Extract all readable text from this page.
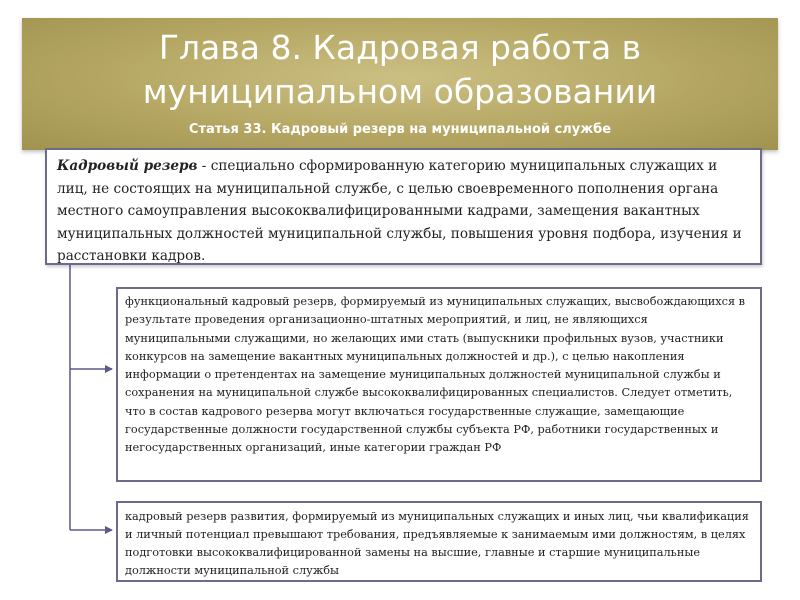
Глава 8. Кадровая работа в
муниципальном образовании
Статья 33. Кадровый резерв на муниципальной службе
Кадровый резерв - специально сформированную категорию муниципальных служащих и лиц, не состоящих на муниципальной службе, с целью своевременного пополнения органа местного самоуправления высококвалифицированными кадрами, замещения вакантных муниципальных должностей муниципальной службы, повышения уровня подбора, изучения и расстановки кадров.
функциональный кадровый резерв, формируемый из муниципальных служащих, высвобождающихся в результате проведения организационно-штатных мероприятий, и лиц, не являющихся муниципальными служащими, но желающих ими стать (выпускники профильных вузов, участники конкурсов на замещение вакантных муниципальных должностей и др.), с целью накопления информации о претендентах на замещение муниципальных должностей муниципальной службы и сохранения на муниципальной службе высококвалифицированных специалистов. Следует отметить, что в состав кадрового резерва могут включаться государственные служащие, замещающие государственные должности государственной службы субъекта РФ, работники государственных и негосударственных организаций, иные категории граждан РФ
кадровый резерв развития, формируемый из муниципальных служащих и иных лиц, чьи квалификация и личный потенциал превышают требования, предъявляемые к занимаемым ими должностям, в целях подготовки высококвалифицированной замены на высшие, главные и старшие муниципальные должности муниципальной службы
